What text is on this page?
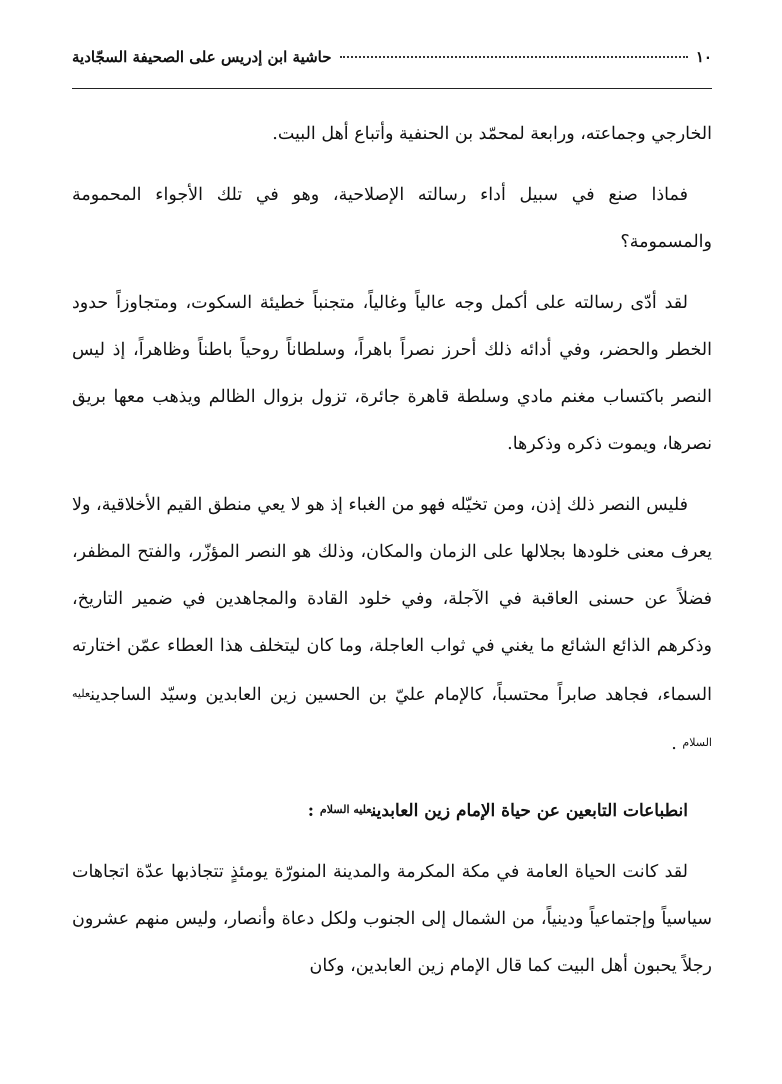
١٠
حاشية ابن إدريس على الصحيفة السجّادية

الخارجي وجماعته، ورابعة لمحمّد بن الحنفية وأتباع أهل البيت.

فماذا صنع في سبيل أداء رسالته الإصلاحية، وهو في تلك الأجواء المحمومة والمسمومة؟

لقد أدّى رسالته على أكمل وجه عالياً وغالياً، متجنباً خطيئة السكوت، ومتجاوزاً حدود الخطر والحضر، وفي أدائه ذلك أحرز نصراً باهراً، وسلطاناً روحياً باطناً وظاهراً، إذ ليس النصر باكتساب مغنم مادي وسلطة قاهرة جائرة، تزول بزوال الظالم ويذهب معها بريق نصرها، ويموت ذكره وذكرها.

فليس النصر ذلك إذن، ومن تخيّله فهو من الغباء إذ هو لا يعي منطق القيم الأخلاقية، ولا يعرف معنى خلودها بجلالها على الزمان والمكان، وذلك هو النصر المؤزّر، والفتح المظفر، فضلاً عن حسنى العاقبة في الآجلة، وفي خلود القادة والمجاهدين في ضمير التاريخ، وذكرهم الذائع الشائع ما يغني في ثواب العاجلة، وما كان ليتخلف هذا العطاء عمّن اختارته السماء، فجاهد صابراً محتسباً، كالإمام عليّ بن الحسين زين العابدين وسيّد الساجدينعليه السلام .

انطباعات التابعين عن حياة الإمام زين العابدينعليه السلام :

لقد كانت الحياة العامة في مكة المكرمة والمدينة المنورّة يومئذٍ تتجاذبها عدّة اتجاهات سياسياً وإجتماعياً ودينياً، من الشمال إلى الجنوب ولكل دعاة وأنصار، وليس منهم عشرون رجلاً يحبون أهل البيت كما قال الإمام زين العابدين، وكان
